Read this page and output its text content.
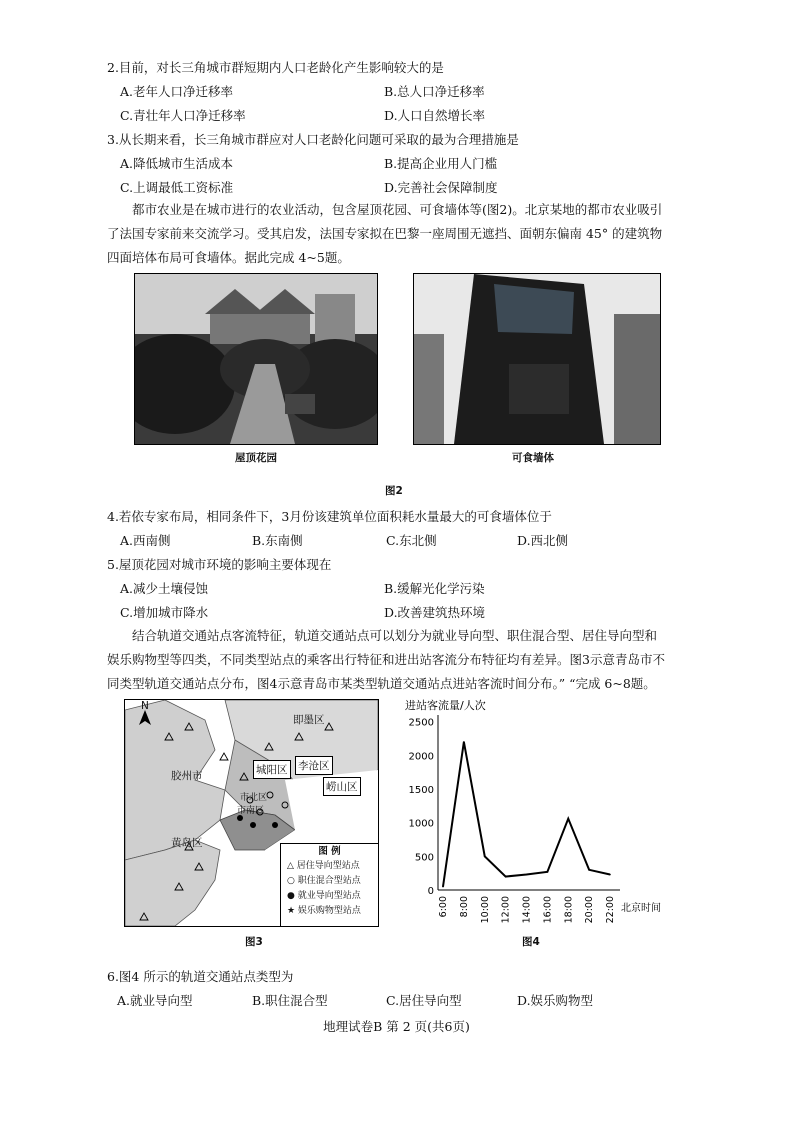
2.目前，对长三角城市群短期内人口老龄化产生影响较大的是
A.老年人口净迁移率	B.总人口净迁移率
C.青壮年人口净迁移率	D.人口自然增长率
3.从长期来看，长三角城市群应对人口老龄化问题可采取的最为合理措施是
A.降低城市生活成本	B.提高企业用人门槛
C.上调最低工资标准	D.完善社会保障制度
都市农业是在城市进行的农业活动，包含屋顶花园、可食墙体等(图2)。北京某地的都市农业吸引了法国专家前来交流学习。受其启发，法国专家拟在巴黎一座周围无遮挡、面朝东偏南 45° 的建筑物四面培体布局可食墙体。据此完成 4~5题。
屋顶花园	可食墙体
图2
4.若依专家布局，相同条件下，3月份该建筑单位面积耗水量最大的可食墙体位于
A.西南侧	B.东南侧	C.东北侧	D.西北侧
5.屋顶花园对城市环境的影响主要体现在
A.减少土壤侵蚀	B.缓解光化学污染
C.增加城市降水	D.改善建筑热环境
结合轨道交通站点客流特征，轨道交通站点可以划分为就业导向型、职住混合型、居住导向型和娱乐购物型等四类，不同类型站点的乘客出行特征和进出站客流分布特征均有差异。图3示意青岛市不同类型轨道交通站点分布，图4示意青岛市某类型轨道交通站点进站客流时间分布。” “完成 6~8题。
N
即墨区
胶州市	城阳区 李沧区
崂山区
市北区
市南区
黄岛区
图 例
△ 居住导向型站点
○ 职住混合型站点
● 就业导向型站点
★ 娱乐购物型站点
图3
进站客流量/人次
0
500
1000
1500
2000
2500
6:00 8:00 10:00 12:00 14:00 16:00 18:00 20:00 22:00 北京时间
图4
6.图4 所示的轨道交通站点类型为
A.就业导向型	B.职住混合型	C.居住导向型	D.娱乐购物型
地理试卷B 第 2 页(共6页)
